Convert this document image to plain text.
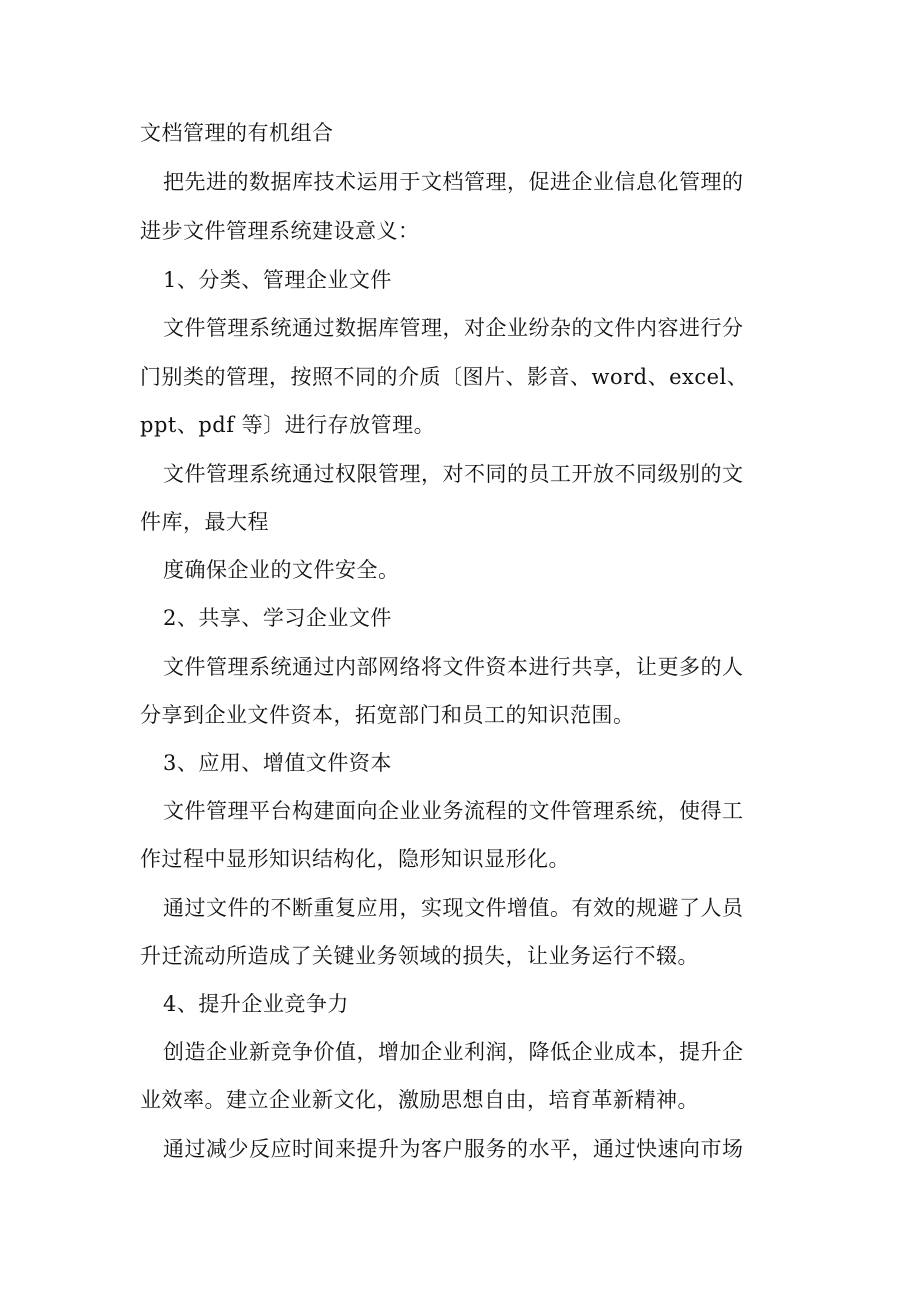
文档管理的有机组合
把先进的数据库技术运用于文档管理，促进企业信息化管理的
进步文件管理系统建设意义：
1、分类、管理企业文件
文件管理系统通过数据库管理，对企业纷杂的文件内容进行分
门别类的管理，按照不同的介质〔图片、影音、word、excel、
ppt、pdf 等〕进行存放管理。
文件管理系统通过权限管理，对不同的员工开放不同级别的文
件库，最大程
度确保企业的文件安全。
2、共享、学习企业文件
文件管理系统通过内部网络将文件资本进行共享，让更多的人
分享到企业文件资本，拓宽部门和员工的知识范围。
3、应用、增值文件资本
文件管理平台构建面向企业业务流程的文件管理系统，使得工
作过程中显形知识结构化，隐形知识显形化。
通过文件的不断重复应用，实现文件增值。有效的规避了人员
升迁流动所造成了关键业务领域的损失，让业务运行不辍。
4、提升企业竞争力
创造企业新竞争价值，增加企业利润，降低企业成本，提升企
业效率。建立企业新文化，激励思想自由，培育革新精神。
通过减少反应时间来提升为客户服务的水平，通过快速向市场
